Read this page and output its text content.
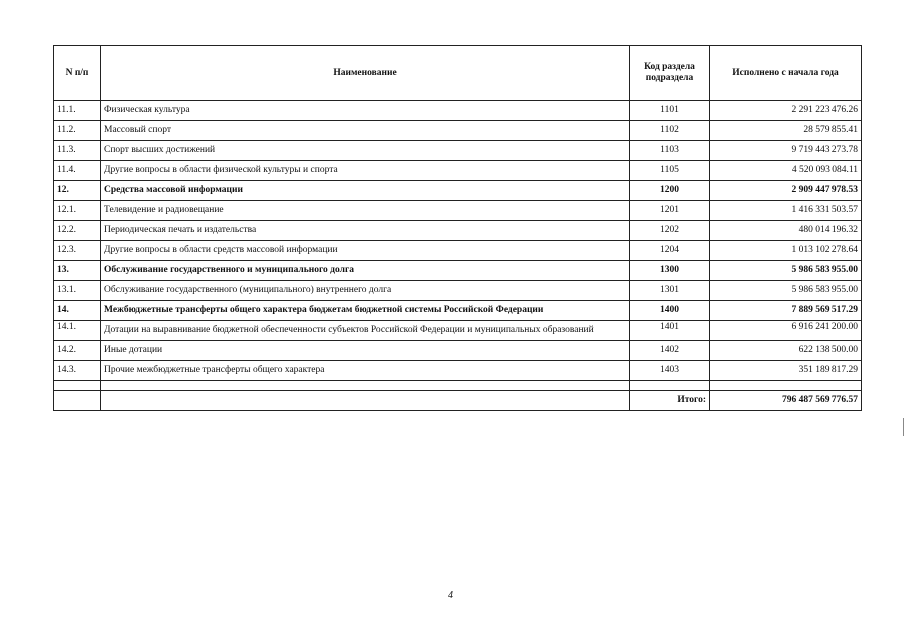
N п/п	Наименование	Код раздела подраздела	Исполнено с начала года
11.1.	Физическая культура	1101	2 291 223 476.26
11.2.	Массовый спорт	1102	28 579 855.41
11.3.	Спорт высших достижений	1103	9 719 443 273.78
11.4.	Другие вопросы в области физической культуры и спорта	1105	4 520 093 084.11
12.	Средства массовой информации	1200	2 909 447 978.53
12.1.	Телевидение и радиовещание	1201	1 416 331 503.57
12.2.	Периодическая печать и издательства	1202	480 014 196.32
12.3.	Другие вопросы в области средств массовой информации	1204	1 013 102 278.64
13.	Обслуживание государственного и муниципального долга	1300	5 986 583 955.00
13.1.	Обслуживание государственного (муниципального) внутреннего долга	1301	5 986 583 955.00
14.	Межбюджетные трансферты общего характера бюджетам бюджетной системы Российской Федерации	1400	7 889 569 517.29
14.1.	Дотации на выравнивание бюджетной обеспеченности субъектов Российской Федерации и муниципальных образований	1401	6 916 241 200.00
14.2.	Иные дотации	1402	622 138 500.00
14.3.	Прочие межбюджетные трансферты общего характера	1403	351 189 817.29

		Итого:	796 487 569 776.57
4
